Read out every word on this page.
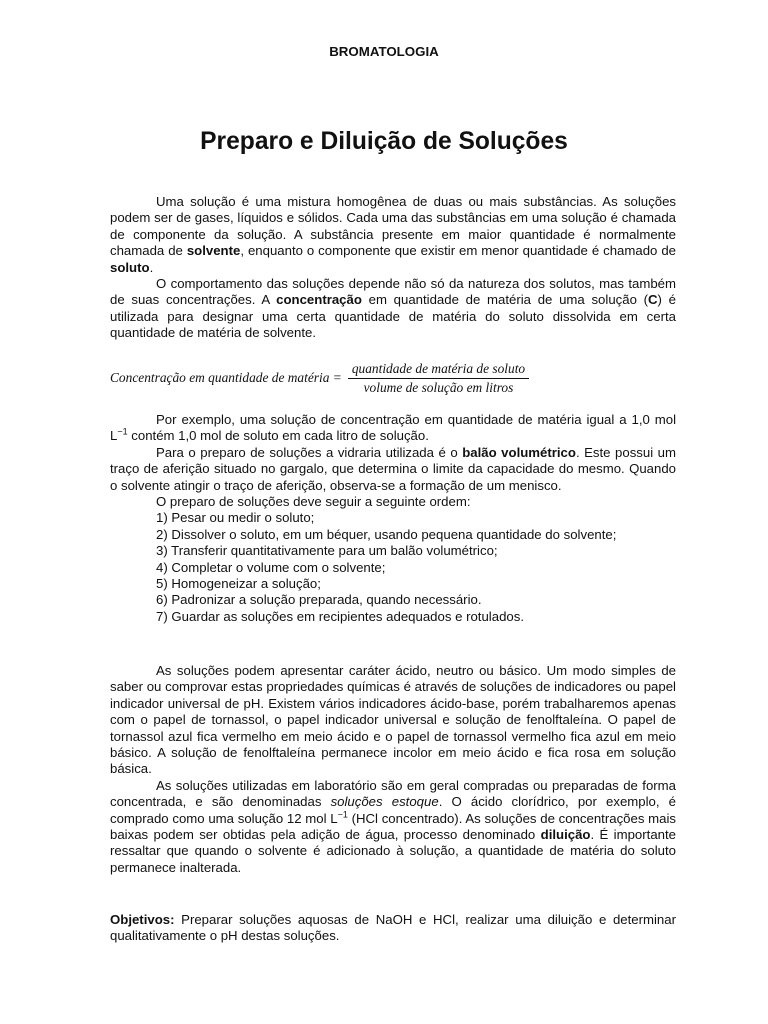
BROMATOLOGIA
Preparo e Diluição de Soluções

Uma solução é uma mistura homogênea de duas ou mais substâncias. As soluções podem ser de gases, líquidos e sólidos. Cada uma das substâncias em uma solução é chamada de componente da solução. A substância presente em maior quantidade é normalmente chamada de solvente, enquanto o componente que existir em menor quantidade é chamado de soluto.

O comportamento das soluções depende não só da natureza dos solutos, mas também de suas concentrações. A concentração em quantidade de matéria de uma solução (C) é utilizada para designar uma certa quantidade de matéria do soluto dissolvida em certa quantidade de matéria de solvente.

Concentração em quantidade de matéria = $\frac{\text{quantidade de matéria de soluto}}{\text{volume de solução em litros}}$

Por exemplo, uma solução de concentração em quantidade de matéria igual a 1,0 mol $L^{-1}$ contém 1,0 mol de soluto em cada litro de solução.

Para o preparo de soluções a vidraria utilizada é o balão volumétrico. Este possui um traço de aferição situado no gargalo, que determina o limite da capacidade do mesmo. Quando o solvente atingir o traço de aferição, observa-se a formação de um menisco.

O preparo de soluções deve seguir a seguinte ordem:

1) Pesar ou medir o soluto;
2) Dissolver o soluto, em um béquer, usando pequena quantidade do solvente;
3) Transferir quantitativamente para um balão volumétrico;
4) Completar o volume com o solvente;
5) Homogeneizar a solução;
6) Padronizar a solução preparada, quando necessário.
7) Guardar as soluções em recipientes adequados e rotulados.

As soluções podem apresentar caráter ácido, neutro ou básico. Um modo simples de saber ou comprovar estas propriedades químicas é através de soluções de indicadores ou papel indicador universal de pH. Existem vários indicadores ácido-base, porém trabalharemos apenas com o papel de tornassol, o papel indicador universal e solução de fenolftaleína. O papel de tornassol azul fica vermelho em meio ácido e o papel de tornassol vermelho fica azul em meio básico. A solução de fenolftaleína permanece incolor em meio ácido e fica rosa em solução básica.

As soluções utilizadas em laboratório são em geral compradas ou preparadas de forma concentrada, e são denominadas soluções estoque. O ácido clorídrico, por exemplo, é comprado como uma solução 12 mol $L^{-1}$ (HCl concentrado). As soluções de concentrações mais baixas podem ser obtidas pela adição de água, processo denominado diluição. É importante ressaltar que quando o solvente é adicionado à solução, a quantidade de matéria do soluto permanece inalterada.

Objetivos: Preparar soluções aquosas de NaOH e HCl, realizar uma diluição e determinar qualitativamente o pH destas soluções.
